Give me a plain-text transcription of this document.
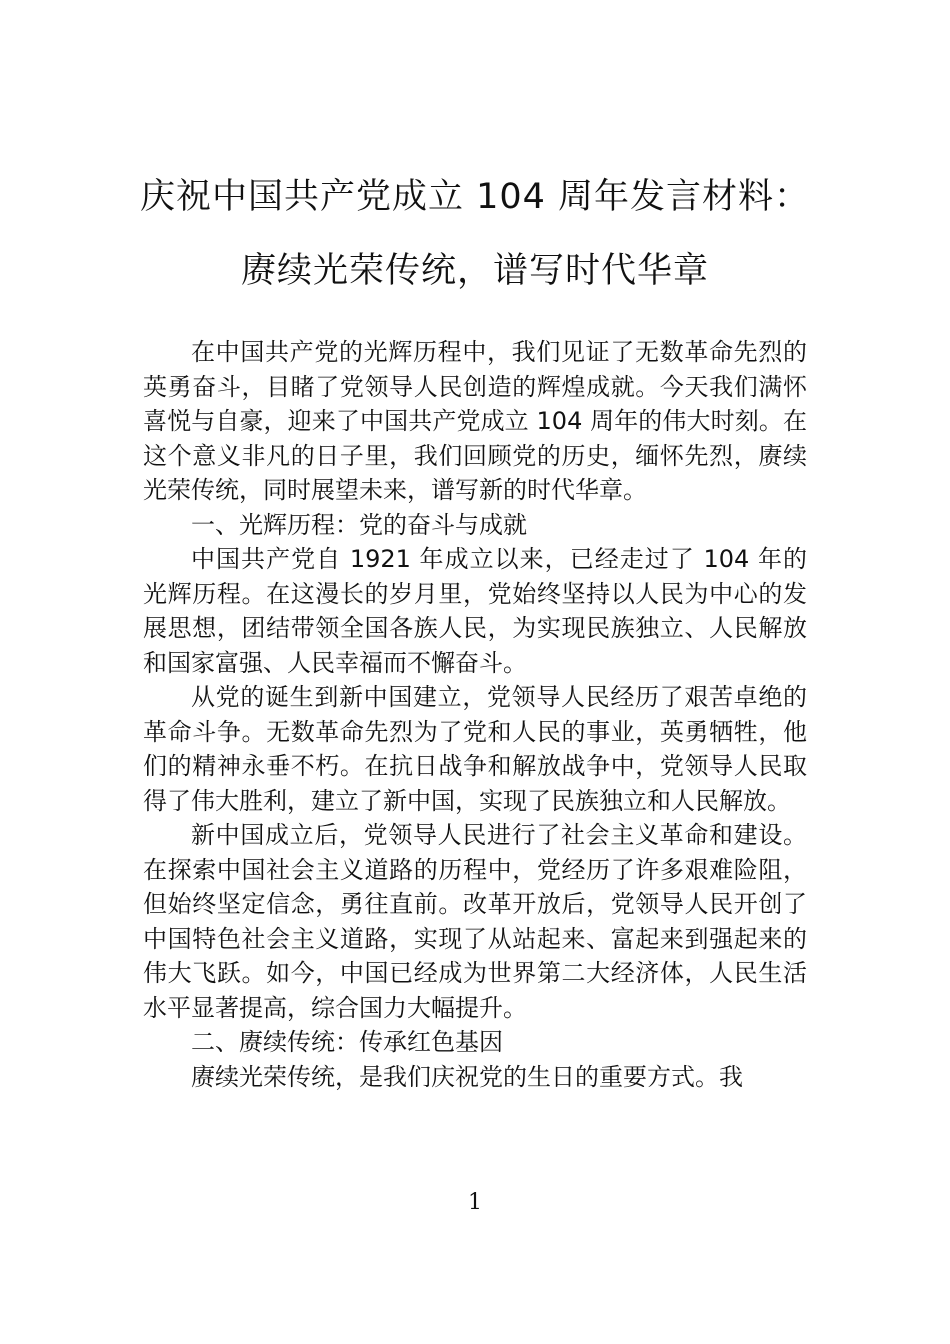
庆祝中国共产党成立 104 周年发言材料：
赓续光荣传统，谱写时代华章

在中国共产党的光辉历程中，我们见证了无数革命先烈的英勇奋斗，目睹了党领导人民创造的辉煌成就。今天我们满怀喜悦与自豪，迎来了中国共产党成立 104 周年的伟大时刻。在这个意义非凡的日子里，我们回顾党的历史，缅怀先烈，赓续光荣传统，同时展望未来，谱写新的时代华章。

一、光辉历程：党的奋斗与成就

中国共产党自 1921 年成立以来，已经走过了 104 年的光辉历程。在这漫长的岁月里，党始终坚持以人民为中心的发展思想，团结带领全国各族人民，为实现民族独立、人民解放和国家富强、人民幸福而不懈奋斗。

从党的诞生到新中国建立，党领导人民经历了艰苦卓绝的革命斗争。无数革命先烈为了党和人民的事业，英勇牺牲，他们的精神永垂不朽。在抗日战争和解放战争中，党领导人民取得了伟大胜利，建立了新中国，实现了民族独立和人民解放。

新中国成立后，党领导人民进行了社会主义革命和建设。在探索中国社会主义道路的历程中，党经历了许多艰难险阻，但始终坚定信念，勇往直前。改革开放后，党领导人民开创了中国特色社会主义道路，实现了从站起来、富起来到强起来的伟大飞跃。如今，中国已经成为世界第二大经济体，人民生活水平显著提高，综合国力大幅提升。

二、赓续传统：传承红色基因

赓续光荣传统，是我们庆祝党的生日的重要方式。我

1
